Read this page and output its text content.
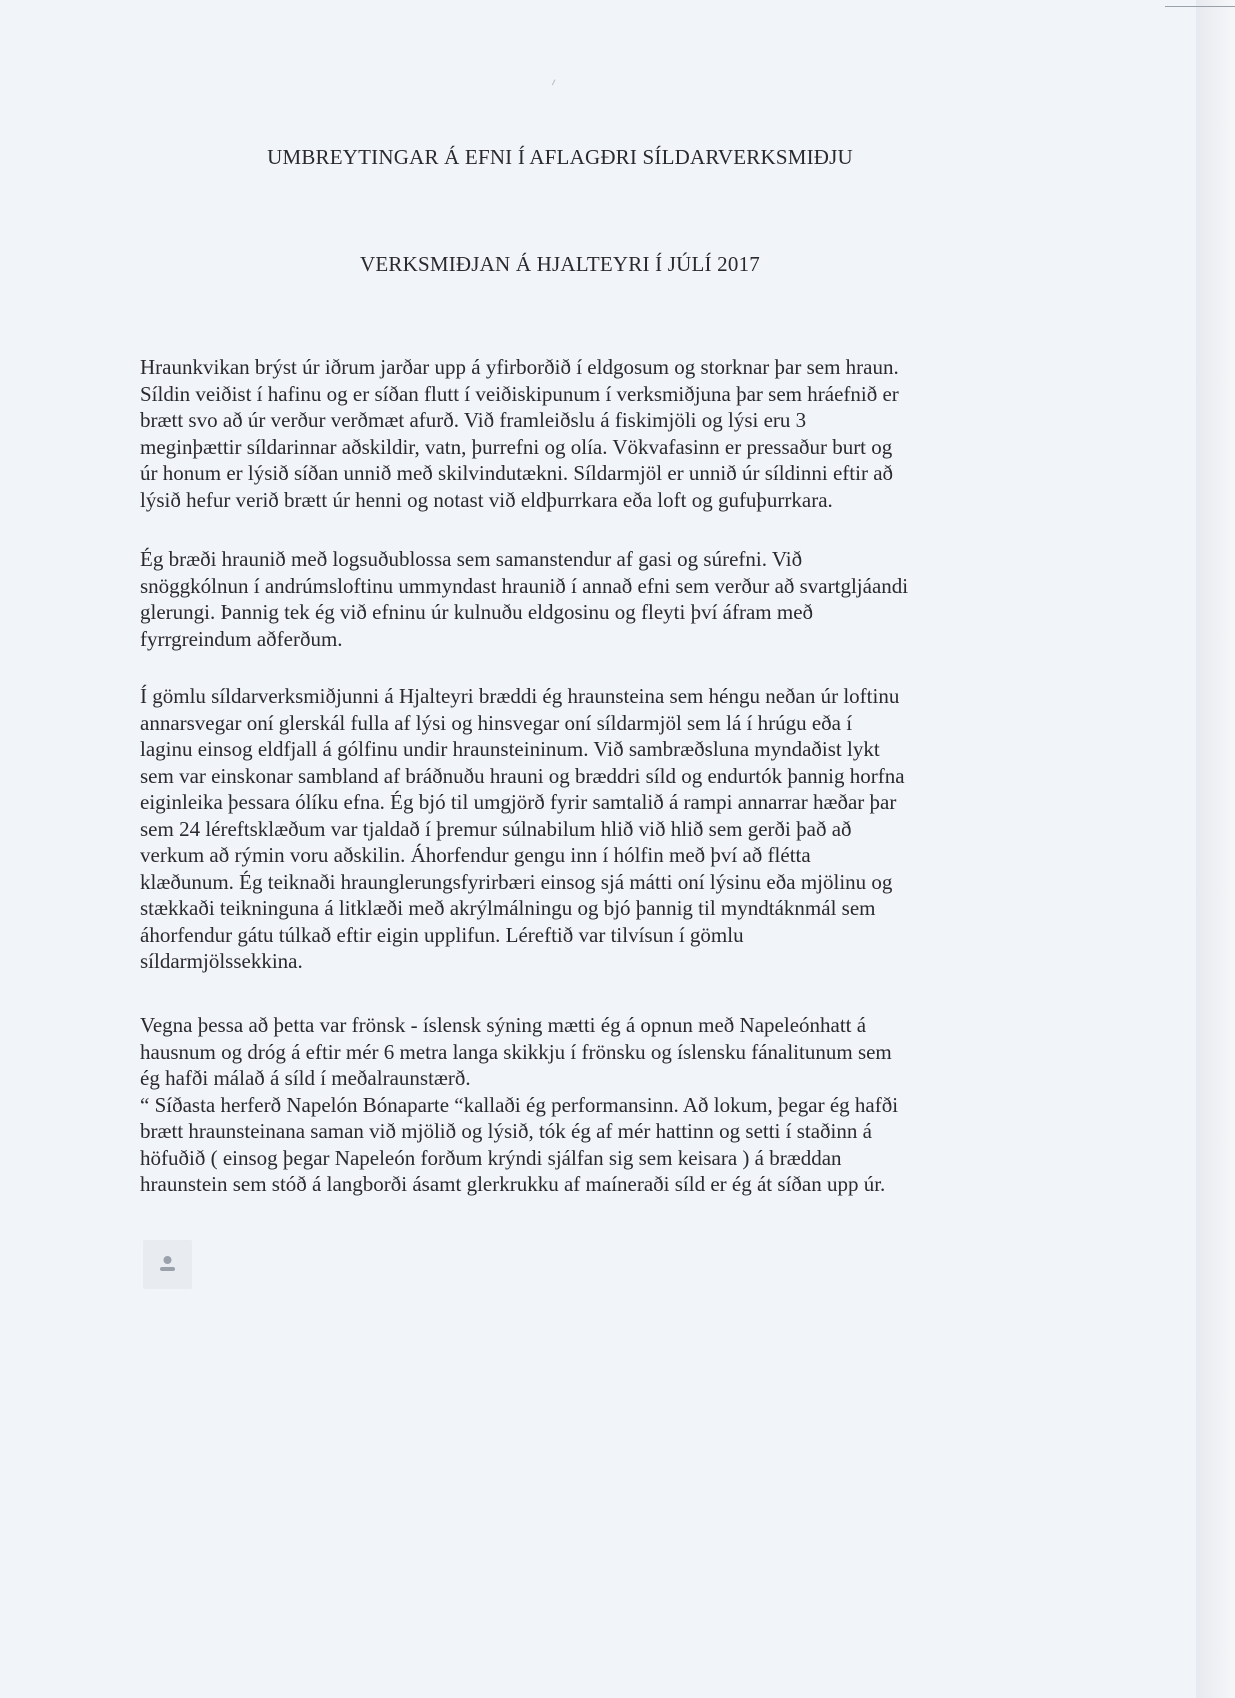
UMBREYTINGAR Á EFNI Í AFLAGÐRI SÍLDARVERKSMIÐJU
VERKSMIÐJAN Á HJALTEYRI Í JÚLÍ 2017

Hraunkvikan brýst úr iðrum jarðar upp á yfirborðið í eldgosum og storknar þar sem hraun.
Síldin veiðist í hafinu og er síðan flutt í veiðiskipunum í verksmiðjuna þar sem hráefnið er
brætt svo að úr verður verðmæt afurð. Við framleiðslu á fiskimjöli og lýsi eru 3
meginþættir síldarinnar aðskildir, vatn, þurrefni og olía. Vökvafasinn er pressaður burt og
úr honum er lýsið síðan unnið með skilvindutækni. Síldarmjöl er unnið úr síldinni eftir að
lýsið hefur verið brætt úr henni og notast við eldþurrkara eða loft og gufuþurrkara.

Ég bræði hraunið með logsuðublossa sem samanstendur af gasi og súrefni. Við
snöggkólnun í andrúmsloftinu ummyndast hraunið í annað efni sem verður að svartgljáandi
glerungi. Þannig tek ég við efninu úr kulnuðu eldgosinu og fleyti því áfram með
fyrrgreindum aðferðum.

Í gömlu síldarverksmiðjunni á Hjalteyri bræddi ég hraunsteina sem héngu neðan úr loftinu
annarsvegar oní glerskál fulla af lýsi og hinsvegar oní síldarmjöl sem lá í hrúgu eða í
laginu einsog eldfjall á gólfinu undir hraunsteininum. Við sambræðsluna myndaðist lykt
sem var einskonar sambland af bráðnuðu hrauni og bræddri síld og endurtók þannig horfna
eiginleika þessara ólíku efna. Ég bjó til umgjörð fyrir samtalið á rampi annarrar hæðar þar
sem 24 léreftsklæðum var tjaldað í þremur súlnabilum hlið við hlið sem gerði það að
verkum að rýmin voru aðskilin. Áhorfendur gengu inn í hólfin með því að flétta
klæðunum. Ég teiknaði hraunglerungsfyrirbæri einsog sjá mátti oní lýsinu eða mjölinu og
stækkaði teikninguna á litklæði með akrýlmálningu og bjó þannig til myndtáknmál sem
áhorfendur gátu túlkað eftir eigin upplifun. Léreftið var tilvísun í gömlu
síldarmjölssekkina.

Vegna þessa að þetta var frönsk - íslensk sýning mætti ég á opnun með Napeleónhatt á
hausnum og dróg á eftir mér 6 metra langa skikkju í frönsku og íslensku fánalitunum sem
ég hafði málað á síld í meðalraunstærð.
“ Síðasta herferð Napelón Bónaparte “kallaði ég performansinn. Að lokum, þegar ég hafði
brætt hraunsteinana saman við mjölið og lýsið, tók ég af mér hattinn og setti í staðinn á
höfuðið ( einsog þegar Napeleón forðum krýndi sjálfan sig sem keisara ) á bræddan
hraunstein sem stóð á langborði ásamt glerkrukku af maíneraði síld er ég át síðan upp úr.
